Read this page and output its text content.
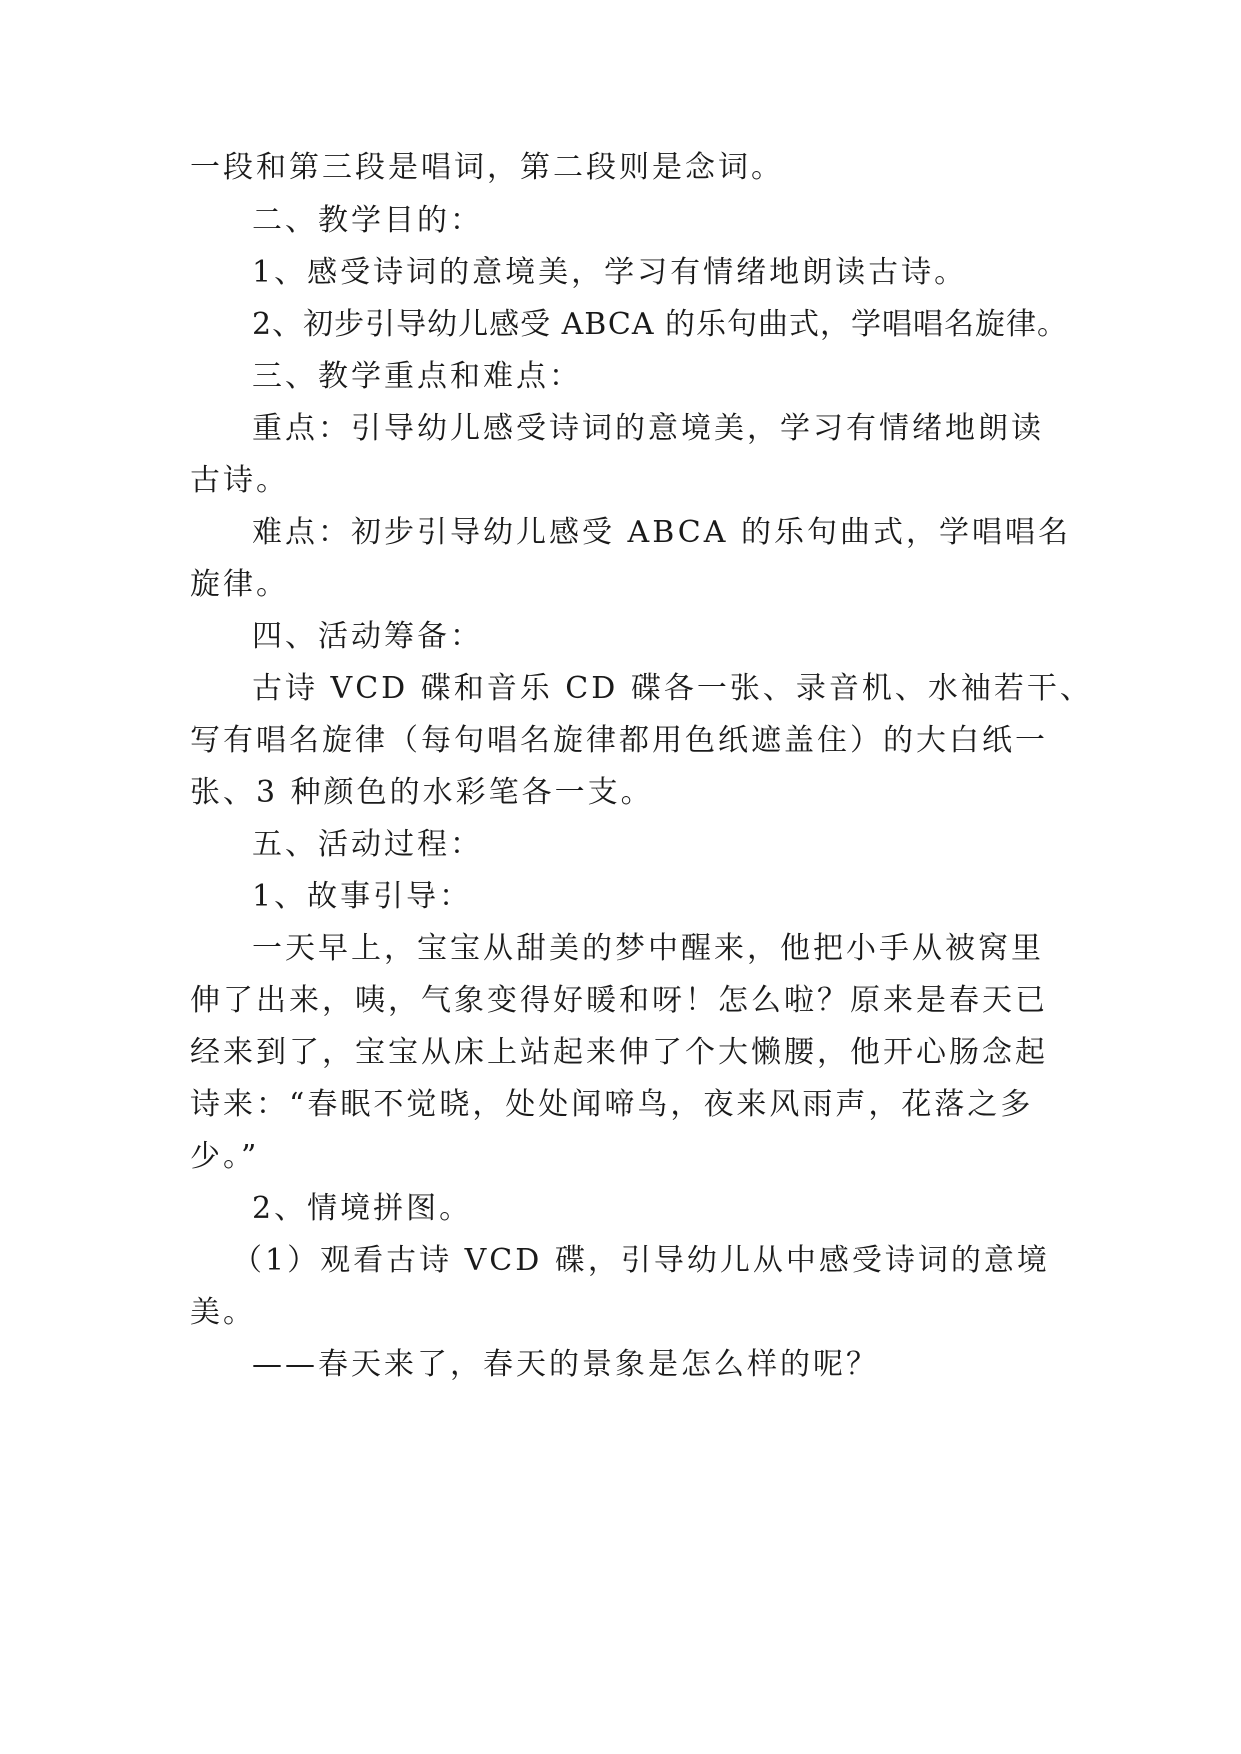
一段和第三段是唱词，第二段则是念词。
二、教学目的：
1、感受诗词的意境美，学习有情绪地朗读古诗。
2、初步引导幼儿感受 ABCA 的乐句曲式，学唱唱名旋律。
三、教学重点和难点：
重点：引导幼儿感受诗词的意境美，学习有情绪地朗读
古诗。
难点：初步引导幼儿感受 ABCA 的乐句曲式，学唱唱名
旋律。
四、活动筹备：
古诗 VCD 碟和音乐 CD 碟各一张、录音机、水袖若干、
写有唱名旋律（每句唱名旋律都用色纸遮盖住）的大白纸一
张、3 种颜色的水彩笔各一支。
五、活动过程：
1、故事引导：
一天早上，宝宝从甜美的梦中醒来，他把小手从被窝里
伸了出来，咦，气象变得好暖和呀！怎么啦？原来是春天已
经来到了，宝宝从床上站起来伸了个大懒腰，他开心肠念起
诗来：“春眠不觉晓，处处闻啼鸟，夜来风雨声，花落之多
少。”
2、情境拼图。
（1）观看古诗 VCD 碟，引导幼儿从中感受诗词的意境
美。
——春天来了，春天的景象是怎么样的呢？
